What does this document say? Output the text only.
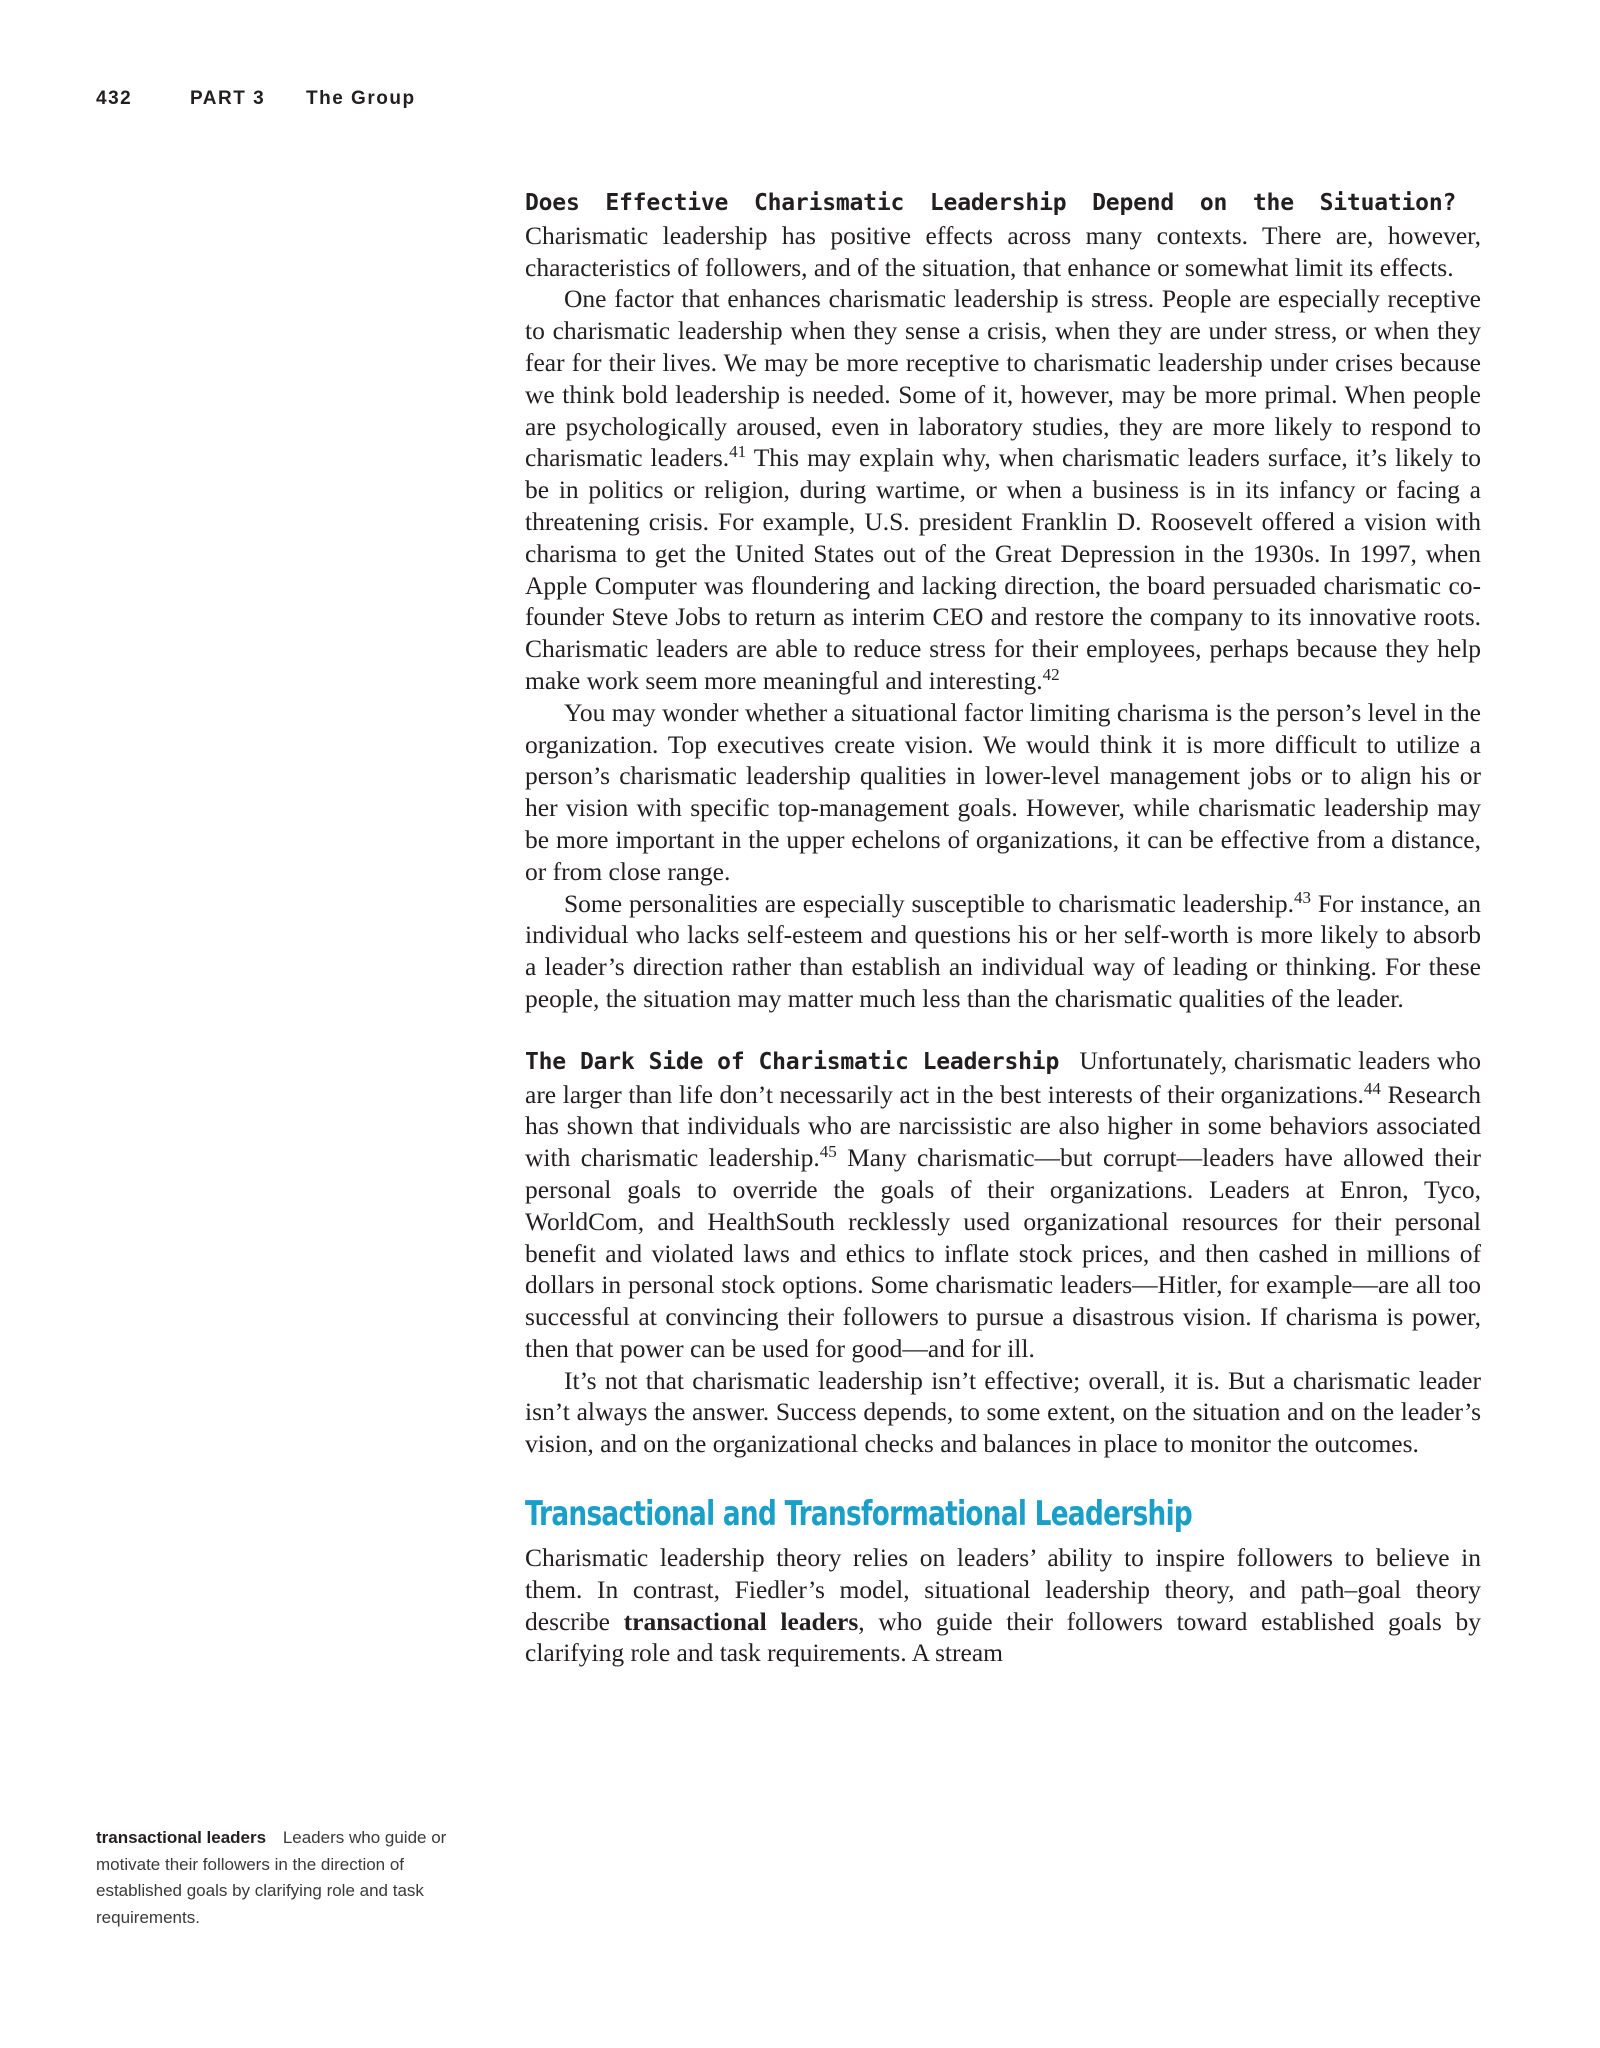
432	PART 3 The Group

Does Effective Charismatic Leadership Depend on the Situation?   Charismatic leadership has positive effects across many contexts. There are, however, characteristics of followers, and of the situation, that enhance or somewhat limit its effects.

One factor that enhances charismatic leadership is stress. People are especially receptive to charismatic leadership when they sense a crisis, when they are under stress, or when they fear for their lives. We may be more receptive to charismatic leadership under crises because we think bold leadership is needed. Some of it, however, may be more primal. When people are psychologically aroused, even in laboratory studies, they are more likely to respond to charismatic leaders.$^{41}$ This may explain why, when charismatic leaders surface, it’s likely to be in politics or religion, during wartime, or when a business is in its infancy or facing a threatening crisis. For example, U.S. president Franklin D. Roosevelt offered a vision with charisma to get the United States out of the Great Depression in the 1930s. In 1997, when Apple Computer was floundering and lacking direction, the board persuaded charismatic co-founder Steve Jobs to return as interim CEO and restore the company to its innovative roots. Charismatic leaders are able to reduce stress for their employees, perhaps because they help make work seem more meaningful and interesting.$^{42}$

You may wonder whether a situational factor limiting charisma is the person’s level in the organization. Top executives create vision. We would think it is more difficult to utilize a person’s charismatic leadership qualities in lower-level management jobs or to align his or her vision with specific top-management goals. However, while charismatic leadership may be more important in the upper echelons of organizations, it can be effective from a distance, or from close range.

Some personalities are especially susceptible to charismatic leadership.$^{43}$ For instance, an individual who lacks self-esteem and questions his or her self-worth is more likely to absorb a leader’s direction rather than establish an individual way of leading or thinking. For these people, the situation may matter much less than the charismatic qualities of the leader.

The Dark Side of Charismatic Leadership Unfortunately, charismatic leaders who are larger than life don’t necessarily act in the best interests of their organizations.$^{44}$ Research has shown that individuals who are narcissistic are also higher in some behaviors associated with charismatic leadership.$^{45}$ Many charismatic—but corrupt—leaders have allowed their personal goals to override the goals of their organizations. Leaders at Enron, Tyco, WorldCom, and HealthSouth recklessly used organizational resources for their personal benefit and violated laws and ethics to inflate stock prices, and then cashed in millions of dollars in personal stock options. Some charismatic leaders—Hitler, for example—are all too successful at convincing their followers to pursue a disastrous vision. If charisma is power, then that power can be used for good—and for ill.

It’s not that charismatic leadership isn’t effective; overall, it is. But a charismatic leader isn’t always the answer. Success depends, to some extent, on the situation and on the leader’s vision, and on the organizational checks and balances in place to monitor the outcomes.

Transactional and Transformational Leadership

Charismatic leadership theory relies on leaders’ ability to inspire followers to believe in them. In contrast, Fiedler’s model, situational leadership theory, and path–goal theory describe transactional leaders, who guide their followers toward established goals by clarifying role and task requirements. A stream

transactional leaders Leaders who guide or motivate their followers in the direction of established goals by clarifying role and task requirements.
